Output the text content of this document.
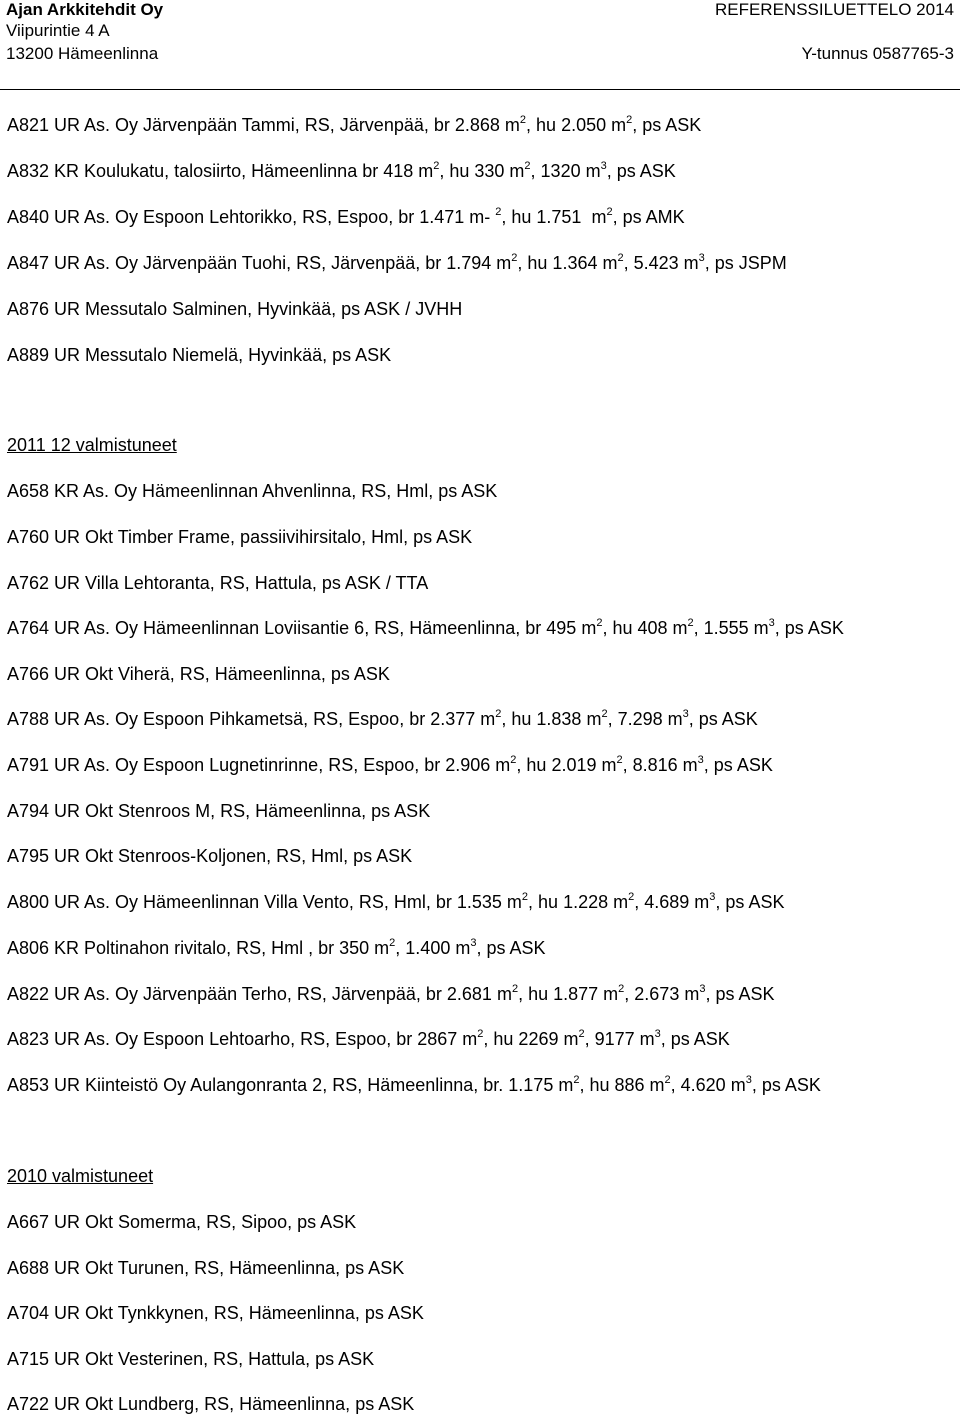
Ajan Arkkitehdit Oy
Viipurintie 4 A
13200 Hämeenlinna
REFERENSSILUETTELO 2014
Y-tunnus 0587765-3
2011 12 valmistuneet
2010 valmistuneet
A821 UR As. Oy Järvenpään Tammi, RS, Järvenpää, br 2.868 $m^2$, hu 2.050 $m^2$, ps ASK
A832 KR Koulukatu, talosiirto, Hämeenlinna br 418 $m^2$, hu 330 $m^2$, 1320 $m^3$, ps ASK
A840 UR As. Oy Espoon Lehtorikko, RS, Espoo, br 1.471 m- $^2$, hu 1.751  $m^2$, ps AMK
A847 UR As. Oy Järvenpään Tuohi, RS, Järvenpää, br 1.794 $m^2$, hu 1.364 $m^2$, 5.423 $m^3$, ps JSPM
A876 UR Messutalo Salminen, Hyvinkää, ps ASK / JVHH
A889 UR Messutalo Niemelä, Hyvinkää, ps ASK
A658 KR As. Oy Hämeenlinnan Ahvenlinna, RS, Hml, ps ASK
A760 UR Okt Timber Frame, passiivihirsitalo, Hml, ps ASK
A762 UR Villa Lehtoranta, RS, Hattula, ps ASK / TTA
A764 UR As. Oy Hämeenlinnan Loviisantie 6, RS, Hämeenlinna, br 495 $m^2$, hu 408 $m^2$, 1.555 $m^3$, ps ASK
A766 UR Okt Viherä, RS, Hämeenlinna, ps ASK
A788 UR As. Oy Espoon Pihkametsä, RS, Espoo, br 2.377 $m^2$, hu 1.838 $m^2$, 7.298 $m^3$, ps ASK
A791 UR As. Oy Espoon Lugnetinrinne, RS, Espoo, br 2.906 $m^2$, hu 2.019 $m^2$, 8.816 $m^3$, ps ASK
A794 UR Okt Stenroos M, RS, Hämeenlinna, ps ASK
A795 UR Okt Stenroos-Koljonen, RS, Hml, ps ASK
A800 UR As. Oy Hämeenlinnan Villa Vento, RS, Hml, br 1.535 $m^2$, hu 1.228 $m^2$, 4.689 $m^3$, ps ASK
A806 KR Poltinahon rivitalo, RS, Hml , br 350 $m^2$, 1.400 $m^3$, ps ASK
A822 UR As. Oy Järvenpään Terho, RS, Järvenpää, br 2.681 $m^2$, hu 1.877 $m^2$, 2.673 $m^3$, ps ASK
A823 UR As. Oy Espoon Lehtoarho, RS, Espoo, br 2867 $m^2$, hu 2269 $m^2$, 9177 $m^3$, ps ASK
A853 UR Kiinteistö Oy Aulangonranta 2, RS, Hämeenlinna, br. 1.175 $m^2$, hu 886 $m^2$, 4.620 $m^3$, ps ASK
A667 UR Okt Somerma, RS, Sipoo, ps ASK
A688 UR Okt Turunen, RS, Hämeenlinna, ps ASK
A704 UR Okt Tynkkynen, RS, Hämeenlinna, ps ASK
A715 UR Okt Vesterinen, RS, Hattula, ps ASK
A722 UR Okt Lundberg, RS, Hämeenlinna, ps ASK
